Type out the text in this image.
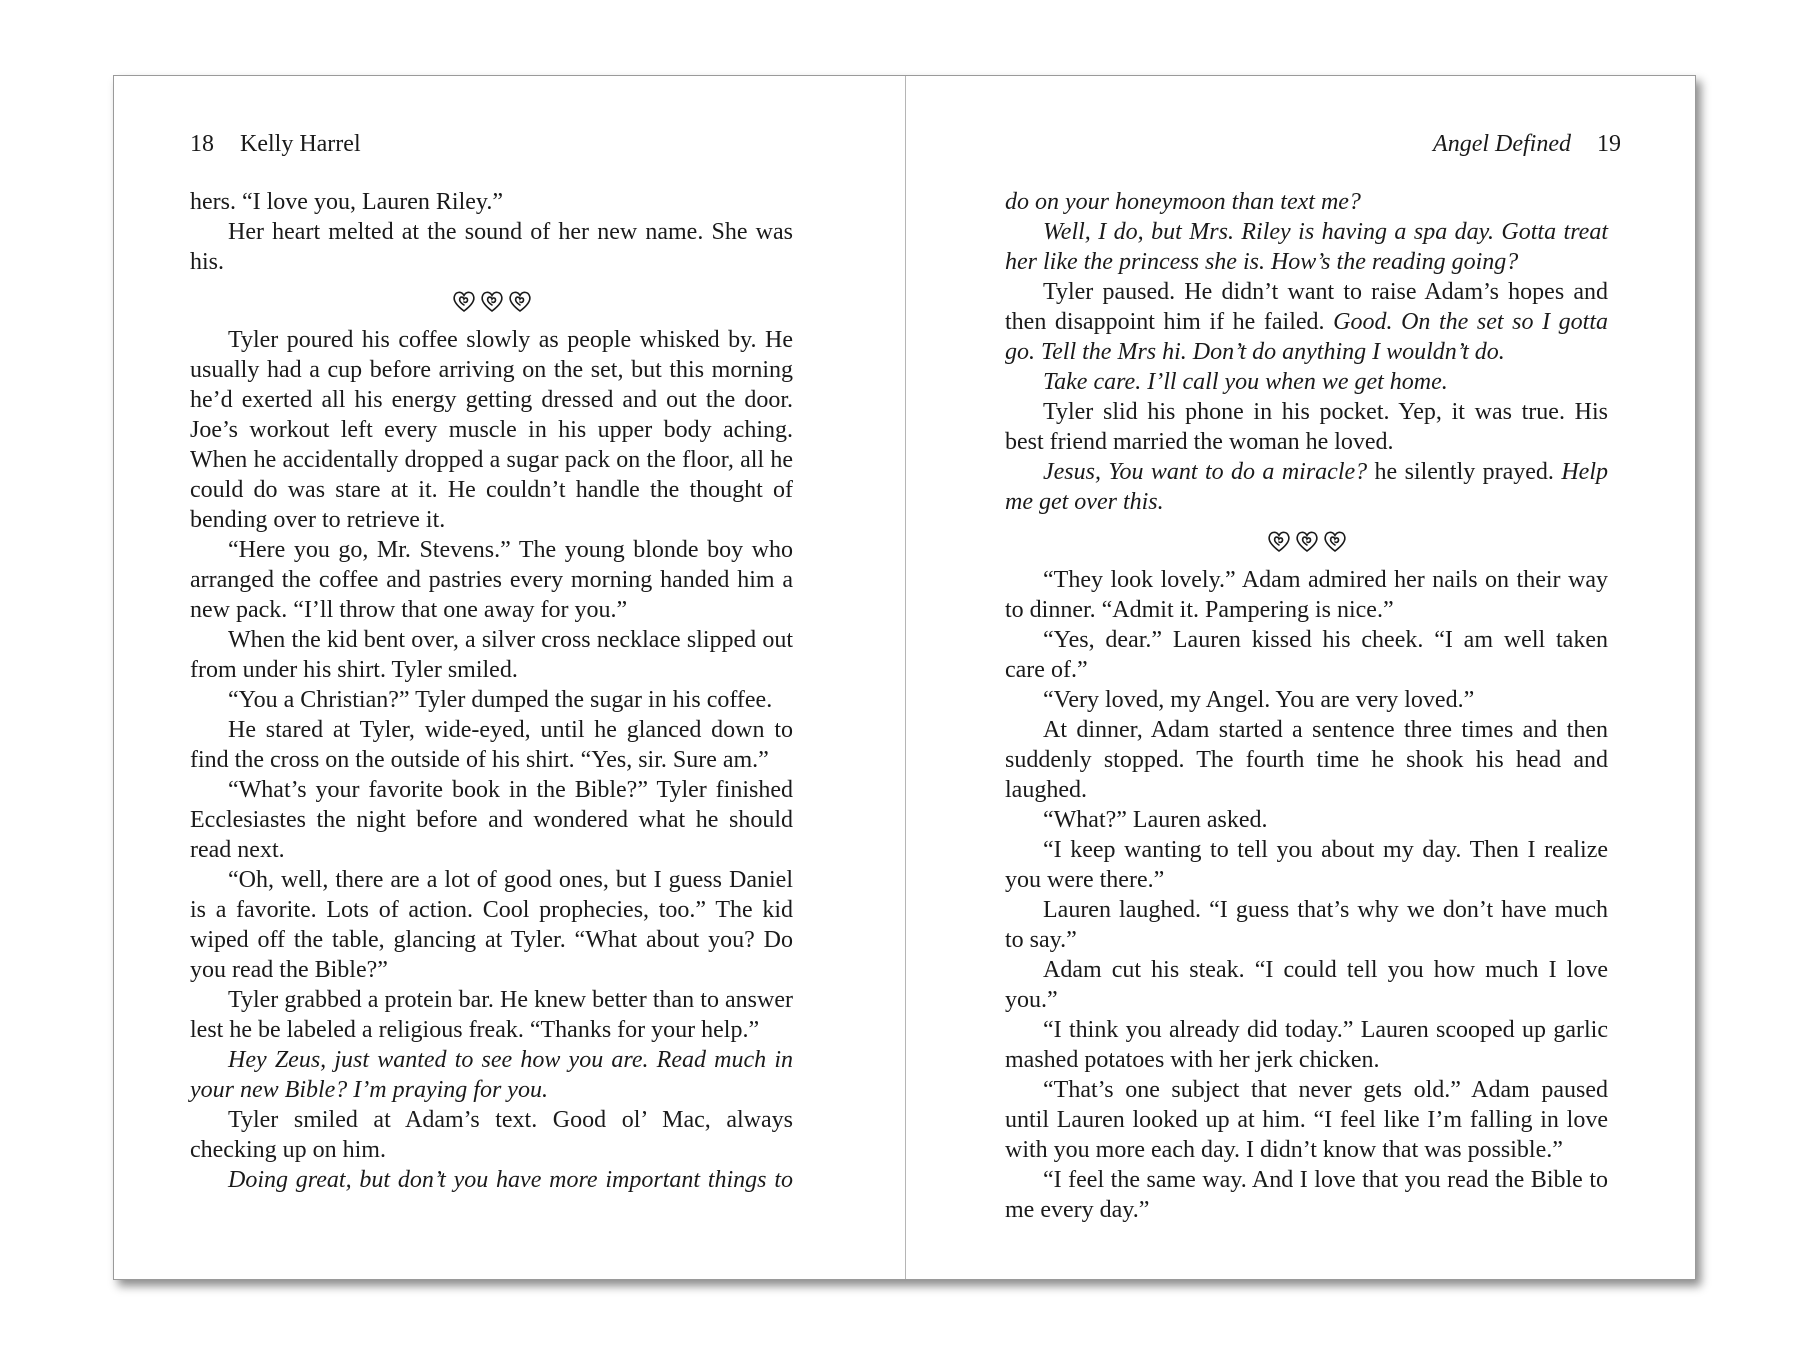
18 Kelly Harrel

hers. “I love you, Lauren Riley.”

Her heart melted at the sound of her new name. She was his.

Tyler poured his coffee slowly as people whisked by. He usually had a cup before arriving on the set, but this morning he’d exerted all his energy getting dressed and out the door. Joe’s workout left every muscle in his upper body aching. When he accidentally dropped a sugar pack on the floor, all he could do was stare at it. He couldn’t handle the thought of bending over to retrieve it.

“Here you go, Mr. Stevens.” The young blonde boy who arranged the coffee and pastries every morning handed him a new pack. “I’ll throw that one away for you.”

When the kid bent over, a silver cross necklace slipped out from under his shirt. Tyler smiled.

“You a Christian?” Tyler dumped the sugar in his coffee.

He stared at Tyler, wide-eyed, until he glanced down to find the cross on the outside of his shirt. “Yes, sir. Sure am.”

“What’s your favorite book in the Bible?” Tyler finished Ecclesiastes the night before and wondered what he should read next.

“Oh, well, there are a lot of good ones, but I guess Daniel is a favorite. Lots of action. Cool prophecies, too.” The kid wiped off the table, glancing at Tyler. “What about you? Do you read the Bible?”

Tyler grabbed a protein bar. He knew better than to answer lest he be labeled a religious freak. “Thanks for your help.”

Hey Zeus, just wanted to see how you are. Read much in your new Bible? I’m praying for you.

Tyler smiled at Adam’s text. Good ol’ Mac, always checking up on him.

Doing great, but don’t you have more important things to

Angel Defined 19

do on your honeymoon than text me?

Well, I do, but Mrs. Riley is having a spa day. Gotta treat her like the princess she is. How’s the reading going?

Tyler paused. He didn’t want to raise Adam’s hopes and then disappoint him if he failed. Good. On the set so I gotta go. Tell the Mrs hi. Don’t do anything I wouldn’t do.

Take care. I’ll call you when we get home.

Tyler slid his phone in his pocket. Yep, it was true. His best friend married the woman he loved.

Jesus, You want to do a miracle? he silently prayed. Help me get over this.

“They look lovely.” Adam admired her nails on their way to dinner. “Admit it. Pampering is nice.”

“Yes, dear.” Lauren kissed his cheek. “I am well taken care of.”

“Very loved, my Angel. You are very loved.”

At dinner, Adam started a sentence three times and then suddenly stopped. The fourth time he shook his head and laughed.

“What?” Lauren asked.

“I keep wanting to tell you about my day. Then I realize you were there.”

Lauren laughed. “I guess that’s why we don’t have much to say.”

Adam cut his steak. “I could tell you how much I love you.”

“I think you already did today.” Lauren scooped up garlic mashed potatoes with her jerk chicken.

“That’s one subject that never gets old.” Adam paused until Lauren looked up at him. “I feel like I’m falling in love with you more each day. I didn’t know that was possible.”

“I feel the same way. And I love that you read the Bible to me every day.”
